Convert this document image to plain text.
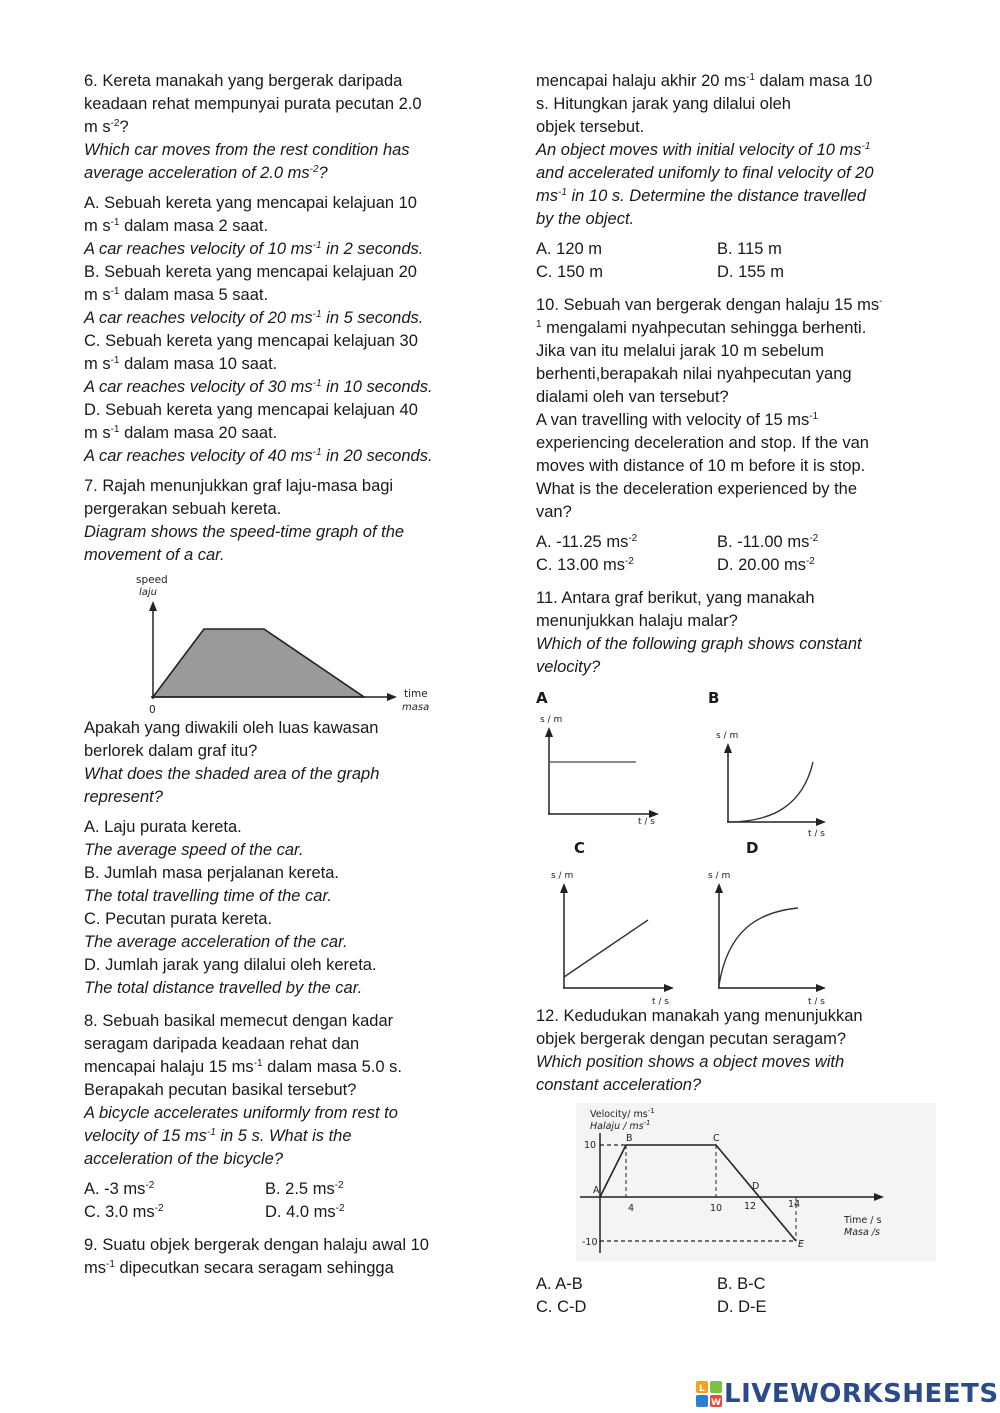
6. Kereta manakah yang bergerak daripada
keadaan rehat mempunyai purata pecutan 2.0
m $s^{-2}$?
Which car moves from the rest condition has
average acceleration of 2.0 $ms^{-2}$?
A. Sebuah kereta yang mencapai kelajuan 10
m $s^{-1}$ dalam masa 2 saat.
A car reaches velocity of 10 $ms^{-1}$ in 2 seconds.
B. Sebuah kereta yang mencapai kelajuan 20
m $s^{-1}$ dalam masa 5 saat.
A car reaches velocity of 20 $ms^{-1}$ in 5 seconds.
C. Sebuah kereta yang mencapai kelajuan 30
m $s^{-1}$ dalam masa 10 saat.
A car reaches velocity of 30 $ms^{-1}$ in 10 seconds.
D. Sebuah kereta yang mencapai kelajuan 40
m $s^{-1}$ dalam masa 20 saat.
A car reaches velocity of 40 $ms^{-1}$ in 20 seconds.
7. Rajah menunjukkan graf laju-masa bagi
pergerakan sebuah kereta.
Diagram shows the speed-time graph of the
movement of a car.
speed
laju
0
time
masa
Apakah yang diwakili oleh luas kawasan
berlorek dalam graf itu?
What does the shaded area of the graph
represent?
A. Laju purata kereta.
The average speed of the car.
B. Jumlah masa perjalanan kereta.
The total travelling time of the car.
C. Pecutan purata kereta.
The average acceleration of the car.
D. Jumlah jarak yang dilalui oleh kereta.
The total distance travelled by the car.
8. Sebuah basikal memecut dengan kadar
seragam daripada keadaan rehat dan
mencapai halaju 15 $ms^{-1}$ dalam masa 5.0 s.
Berapakah pecutan basikal tersebut?
A bicycle accelerates uniformly from rest to
velocity of 15 $ms^{-1}$ in 5 s. What is the
acceleration of the bicycle?
A. -3 $ms^{-2}$	B. 2.5 $ms^{-2}$
C. 3.0 $ms^{-2}$	D. 4.0 $ms^{-2}$
9. Suatu objek bergerak dengan halaju awal 10
$ms^{-1}$ dipecutkan secara seragam sehingga
mencapai halaju akhir 20 $ms^{-1}$ dalam masa 10
s. Hitungkan jarak yang dilalui oleh
objek tersebut.
An object moves with initial velocity of 10 $ms^{-1}$
and accelerated unifomly to final velocity of 20
$ms^{-1}$ in 10 s. Determine the distance travelled
by the object.
A. 120 m	B. 115 m
C. 150 m	D. 155 m
10. Sebuah van bergerak dengan halaju 15 ms-
$^1$ mengalami nyahpecutan sehingga berhenti.
Jika van itu melalui jarak 10 m sebelum
berhenti,berapakah nilai nyahpecutan yang
dialami oleh van tersebut?
A van travelling with velocity of 15 $ms^{-1}$
experiencing deceleration and stop. If the van
moves with distance of 10 m before it is stop.
What is the deceleration experienced by the
van?
A. -11.25 $ms^{-2}$	B. -11.00 $ms^{-2}$
C. 13.00 $ms^{-2}$	D. 20.00 $ms^{-2}$
11. Antara graf berikut, yang manakah
menunjukkan halaju malar?
Which of the following graph shows constant
velocity?
A
s / m
t / s
B
s / m
t / s
C
s / m
t / s
D
s / m
t / s
12. Kedudukan manakah yang menunjukkan
objek bergerak dengan pecutan seragam?
Which position shows a object moves with
constant acceleration?
Velocity/ $ms^{-1}$
Halaju / $ms^{-1}$
10
-10
A
B	C
D
E
4	10 12	14
Time / s
Masa /s
A. A-B	B. B-C
C. C-D	D. D-E
L
W LIVEWORKSHEETS
